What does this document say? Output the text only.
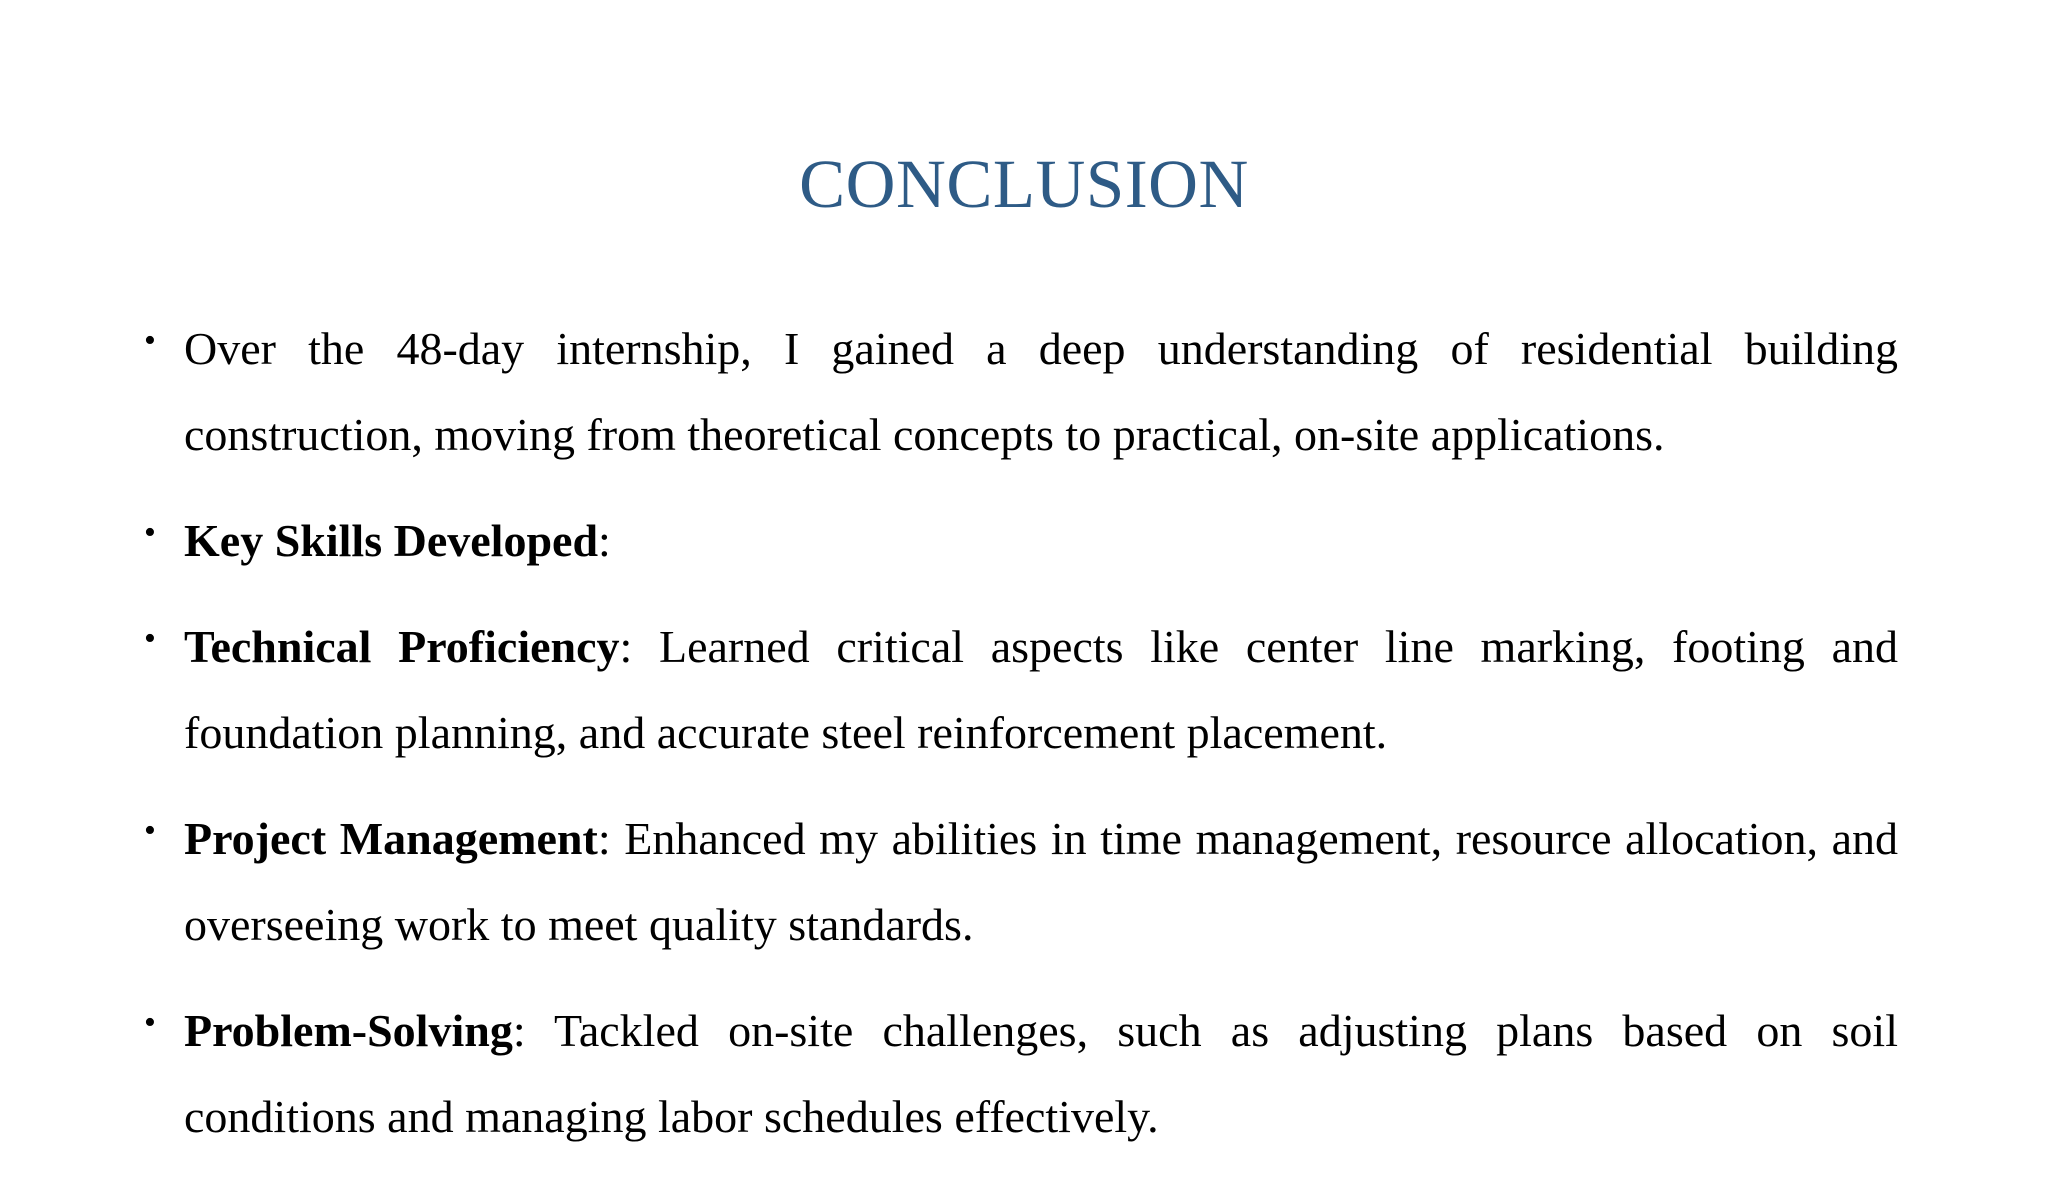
CONCLUSION
• Over the 48-day internship, I gained a deep understanding of residential building construction, moving from theoretical concepts to practical, on-site applications.
• Key Skills Developed:
• Technical Proficiency: Learned critical aspects like center line marking, footing and foundation planning, and accurate steel reinforcement placement.
• Project Management: Enhanced my abilities in time management, resource allocation, and overseeing work to meet quality standards.
• Problem-Solving: Tackled on-site challenges, such as adjusting plans based on soil conditions and managing labor schedules effectively.
